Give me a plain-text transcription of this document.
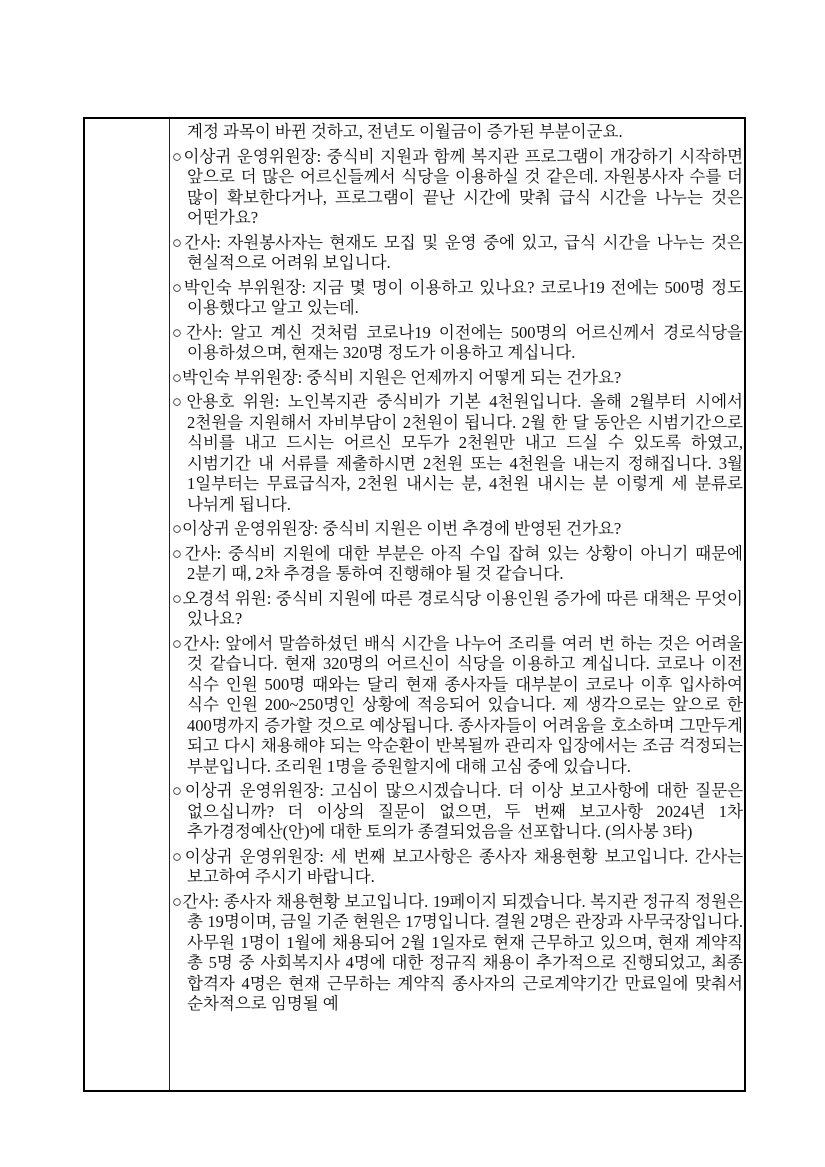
계정 과목이 바뀐 것하고, 전년도 이월금이 증가된 부분이군요.
○이상귀 운영위원장: 중식비 지원과 함께 복지관 프로그램이 개강하기 시작하면 앞으로 더 많은 어르신들께서 식당을 이용하실 것 같은데. 자원봉사자 수를 더 많이 확보한다거나, 프로그램이 끝난 시간에 맞춰 급식 시간을 나누는 것은 어떤가요?
○간사: 자원봉사자는 현재도 모집 및 운영 중에 있고, 급식 시간을 나누는 것은 현실적으로 어려워 보입니다.
○박인숙 부위원장: 지금 몇 명이 이용하고 있나요? 코로나19 전에는 500명 정도 이용했다고 알고 있는데.
○간사: 알고 계신 것처럼 코로나19 이전에는 500명의 어르신께서 경로식당을 이용하셨으며, 현재는 320명 정도가 이용하고 계십니다.
○박인숙 부위원장: 중식비 지원은 언제까지 어떻게 되는 건가요?
○안용호 위원: 노인복지관 중식비가 기본 4천원입니다. 올해 2월부터 시에서 2천원을 지원해서 자비부담이 2천원이 됩니다. 2월 한 달 동안은 시범기간으로 식비를 내고 드시는 어르신 모두가 2천원만 내고 드실 수 있도록 하였고, 시범기간 내 서류를 제출하시면 2천원 또는 4천원을 내는지 정해집니다. 3월 1일부터는 무료급식자, 2천원 내시는 분, 4천원 내시는 분 이렇게 세 분류로 나뉘게 됩니다.
○이상귀 운영위원장: 중식비 지원은 이번 추경에 반영된 건가요?
○간사: 중식비 지원에 대한 부분은 아직 수입 잡혀 있는 상황이 아니기 때문에 2분기 때, 2차 추경을 통하여 진행해야 될 것 같습니다.
○오경석 위원: 중식비 지원에 따른 경로식당 이용인원 증가에 따른 대책은 무엇이 있나요?
○간사: 앞에서 말씀하셨던 배식 시간을 나누어 조리를 여러 번 하는 것은 어려울 것 같습니다. 현재 320명의 어르신이 식당을 이용하고 계십니다. 코로나 이전 식수 인원 500명 때와는 달리 현재 종사자들 대부분이 코로나 이후 입사하여 식수 인원 200~250명인 상황에 적응되어 있습니다. 제 생각으로는 앞으로 한 400명까지 증가할 것으로 예상됩니다. 종사자들이 어려움을 호소하며 그만두게 되고 다시 채용해야 되는 악순환이 반복될까 관리자 입장에서는 조금 걱정되는 부분입니다. 조리원 1명을 증원할지에 대해 고심 중에 있습니다.
○이상귀 운영위원장: 고심이 많으시겠습니다. 더 이상 보고사항에 대한 질문은 없으십니까? 더 이상의 질문이 없으면, 두 번째 보고사항 2024년 1차 추가경정예산(안)에 대한 토의가 종결되었음을 선포합니다. (의사봉 3타)
○이상귀 운영위원장: 세 번째 보고사항은 종사자 채용현황 보고입니다. 간사는 보고하여 주시기 바랍니다.
○간사: 종사자 채용현황 보고입니다. 19페이지 되겠습니다. 복지관 정규직 정원은 총 19명이며, 금일 기준 현원은 17명입니다. 결원 2명은 관장과 사무국장입니다. 사무원 1명이 1월에 채용되어 2월 1일자로 현재 근무하고 있으며, 현재 계약직 총 5명 중 사회복지사 4명에 대한 정규직 채용이 추가적으로 진행되었고, 최종 합격자 4명은 현재 근무하는 계약직 종사자의 근로계약기간 만료일에 맞춰서 순차적으로 임명될 예
